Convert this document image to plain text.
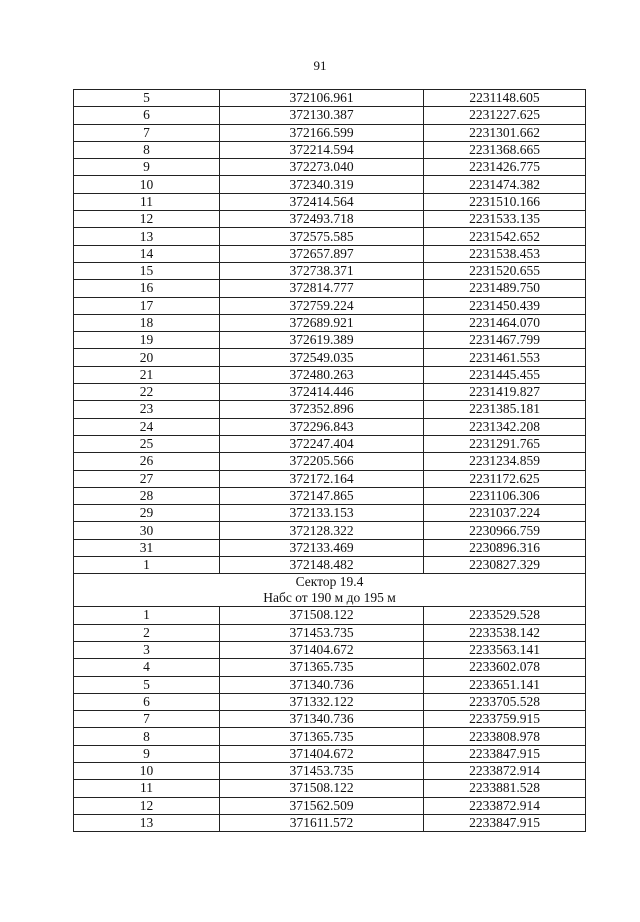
91
5	372106.961	2231148.605
6	372130.387	2231227.625
7	372166.599	2231301.662
8	372214.594	2231368.665
9	372273.040	2231426.775
10	372340.319	2231474.382
11	372414.564	2231510.166
12	372493.718	2231533.135
13	372575.585	2231542.652
14	372657.897	2231538.453
15	372738.371	2231520.655
16	372814.777	2231489.750
17	372759.224	2231450.439
18	372689.921	2231464.070
19	372619.389	2231467.799
20	372549.035	2231461.553
21	372480.263	2231445.455
22	372414.446	2231419.827
23	372352.896	2231385.181
24	372296.843	2231342.208
25	372247.404	2231291.765
26	372205.566	2231234.859
27	372172.164	2231172.625
28	372147.865	2231106.306
29	372133.153	2231037.224
30	372128.322	2230966.759
31	372133.469	2230896.316
1	372148.482	2230827.329

Сектор 19.4
Набс от 190 м до 195 м		

1	371508.122	2233529.528
2	371453.735	2233538.142
3	371404.672	2233563.141
4	371365.735	2233602.078
5	371340.736	2233651.141
6	371332.122	2233705.528
7	371340.736	2233759.915
8	371365.735	2233808.978
9	371404.672	2233847.915
10	371453.735	2233872.914
11	371508.122	2233881.528
12	371562.509	2233872.914
13	371611.572	2233847.915
